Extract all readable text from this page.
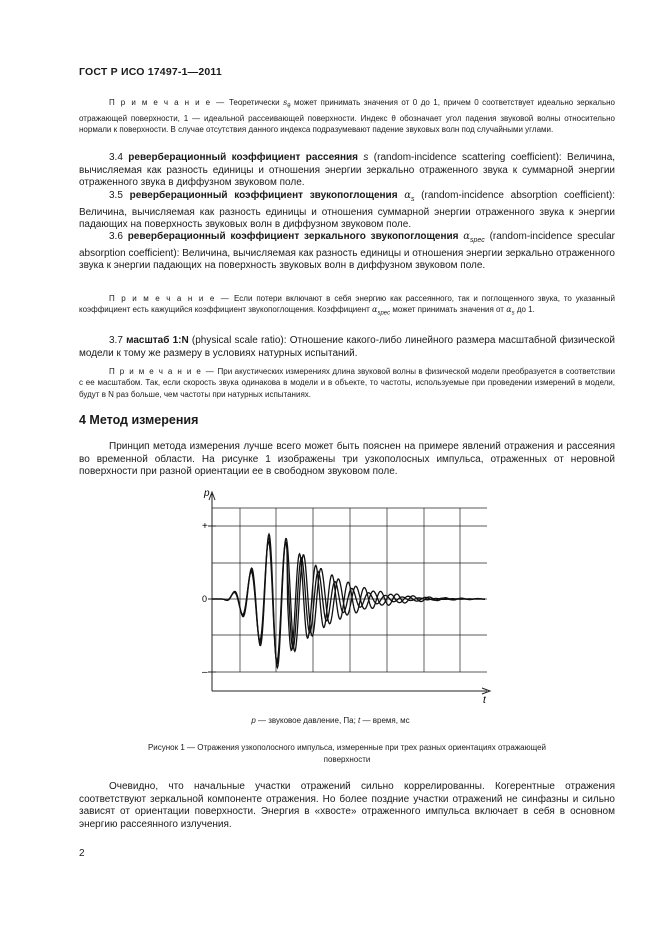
ГОСТ Р ИСО 17497-1—2011
П р и м е ч а н и е — Теоретически $s_\theta$ может принимать значения от 0 до 1, причем 0 соответствует идеально зеркально отражающей поверхности, 1 — идеальной рассеивающей поверхности. Индекс θ обозначает угол падения звуковой волны относительно нормали к поверхности. В случае отсутствия данного индекса подразумевают падение звуковых волн под случайными углами.
3.4 реверберационный коэффициент рассеяния s (random-incidence scattering coefficient): Величина, вычисляемая как разность единицы и отношения энергии зеркально отраженного звука к суммарной энергии отраженного звука в диффузном звуковом поле.
3.5 реверберационный коэффициент звукопоглощения $\alpha_s$ (random-incidence absorption coefficient): Величина, вычисляемая как разность единицы и отношения суммарной энергии отраженного звука к энергии падающих на поверхность звуковых волн в диффузном звуковом поле.
3.6 реверберационный коэффициент зеркального звукопоглощения $\alpha_{spec}$ (random-incidence specular absorption coefficient): Величина, вычисляемая как разность единицы и отношения энергии зеркально отраженного звука к энергии падающих на поверхность звуковых волн в диффузном звуковом поле.
П р и м е ч а н и е — Если потери включают в себя энергию как рассеянного, так и поглощенного звука, то указанный коэффициент есть кажущийся коэффициент звукопоглощения. Коэффициент $\alpha_{spec}$ может принимать значения от $\alpha_s$ до 1.
3.7 масштаб 1:N (physical scale ratio): Отношение какого-либо линейного размера масштабной физической модели к тому же размеру в условиях натурных испытаний.
П р и м е ч а н и е — При акустических измерениях длина звуковой волны в физической модели преобразуется в соответствии с ее масштабом. Так, если скорость звука одинакова в модели и в объекте, то частоты, используемые при проведении измерений в модели, будут в N раз больше, чем частоты при натурных испытаниях.
4 Метод измерения
Принцип метода измерения лучше всего может быть пояснен на примере явлений отражения и рассеяния во временной области. На рисунке 1 изображены три узкополосных импульса, отраженных от неровной поверхности при разной ориентации ее в свободном звуковом поле.
p
t
+
0
–
p — звуковое давление, Па; t — время, мс
Рисунок 1 — Отражения узкополосного импульса, измеренные при трех разных ориентациях отражающей
поверхности
Очевидно, что начальные участки отражений сильно коррелированны. Когерентные отражения соответствуют зеркальной компоненте отражения. Но более поздние участки отражений не синфазны и сильно зависят от ориентации поверхности. Энергия в «хвосте» отраженного импульса включает в себя в основном энергию рассеянного излучения.
2
